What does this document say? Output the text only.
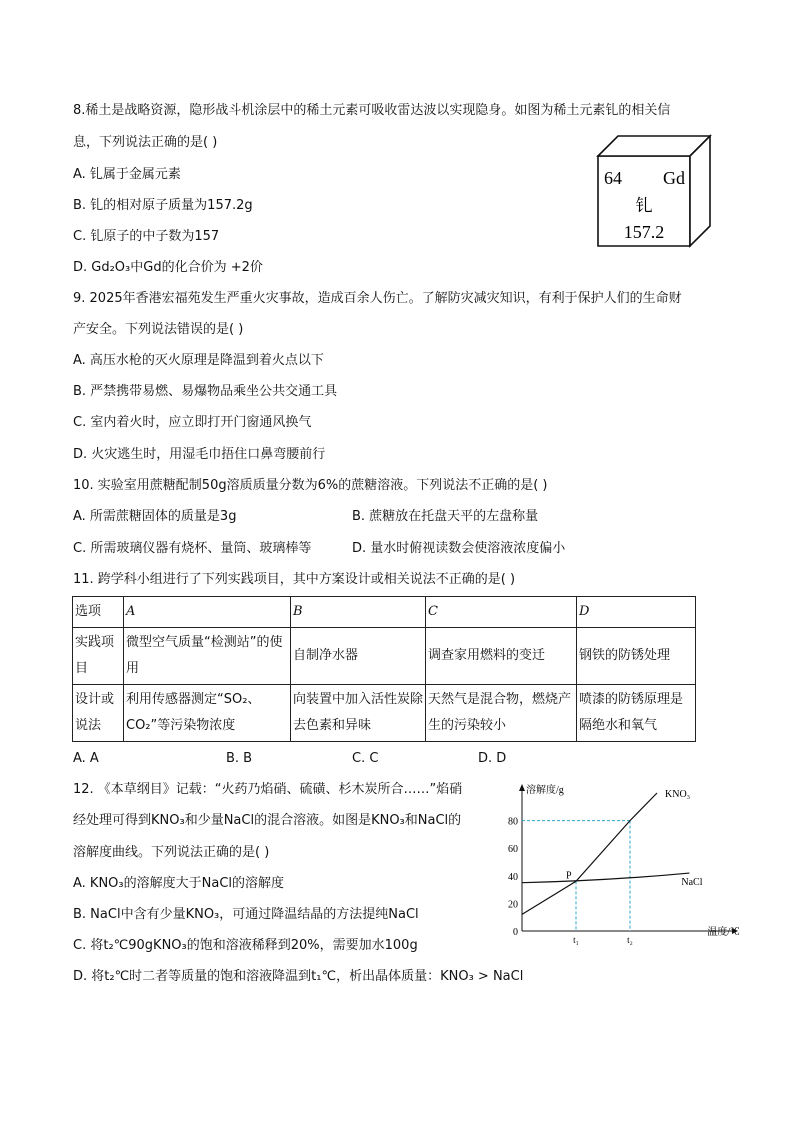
8.稀土是战略资源，隐形战斗机涂层中的稀土元素可吸收雷达波以实现隐身。如图为稀土元素钆的相关信
息，下列说法正确的是( )
A. 钆属于金属元素
B. 钆的相对原子质量为157.2g
C. 钆原子的中子数为157
D. Gd₂O₃中Gd的化合价为 +2价
64 Gd
钆
157.2
9. 2025年香港宏福苑发生严重火灾事故，造成百余人伤亡。了解防灾减灾知识，有利于保护人们的生命财
产安全。下列说法错误的是( )
A. 高压水枪的灭火原理是降温到着火点以下
B. 严禁携带易燃、易爆物品乘坐公共交通工具
C. 室内着火时，应立即打开门窗通风换气
D. 火灾逃生时，用湿毛巾捂住口鼻弯腰前行
10. 实验室用蔗糖配制50g溶质质量分数为6%的蔗糖溶液。下列说法不正确的是( )
A. 所需蔗糖固体的质量是3g	B. 蔗糖放在托盘天平的左盘称量
C. 所需玻璃仪器有烧杯、量筒、玻璃棒等	D. 量水时俯视读数会使溶液浓度偏小
11. 跨学科小组进行了下列实践项目，其中方案设计或相关说法不正确的是( )
选项	A	B	C	D
实践项目	微型空气质量“检测站”的使用	自制净水器	调查家用燃料的变迁	钢铁的防锈处理
设计或说法	利用传感器测定“SO₂、CO₂”等污染物浓度	向装置中加入活性炭除去色素和异味	天然气是混合物，燃烧产生的污染较小	喷漆的防锈原理是隔绝水和氧气
A. A	B. B	C. C	D. D
12. 《本草纲目》记载：“火药乃焰硝、硫磺、杉木炭所合……”焰硝
经处理可得到KNO₃和少量NaCl的混合溶液。如图是KNO₃和NaCl的
溶解度曲线。下列说法正确的是( )
A. KNO₃的溶解度大于NaCl的溶解度
B. NaCl中含有少量KNO₃，可通过降温结晶的方法提纯NaCl
C. 将t₂℃90gKNO₃的饱和溶液稀释到20%，需要加水100g
D. 将t₂℃时二者等质量的饱和溶液降温到t₁℃，析出晶体质量：KNO₃ > NaCl
溶解度/g
温度/℃
0
20
40
60
80
t₁	t₂
KNO₃
NaCl
P
